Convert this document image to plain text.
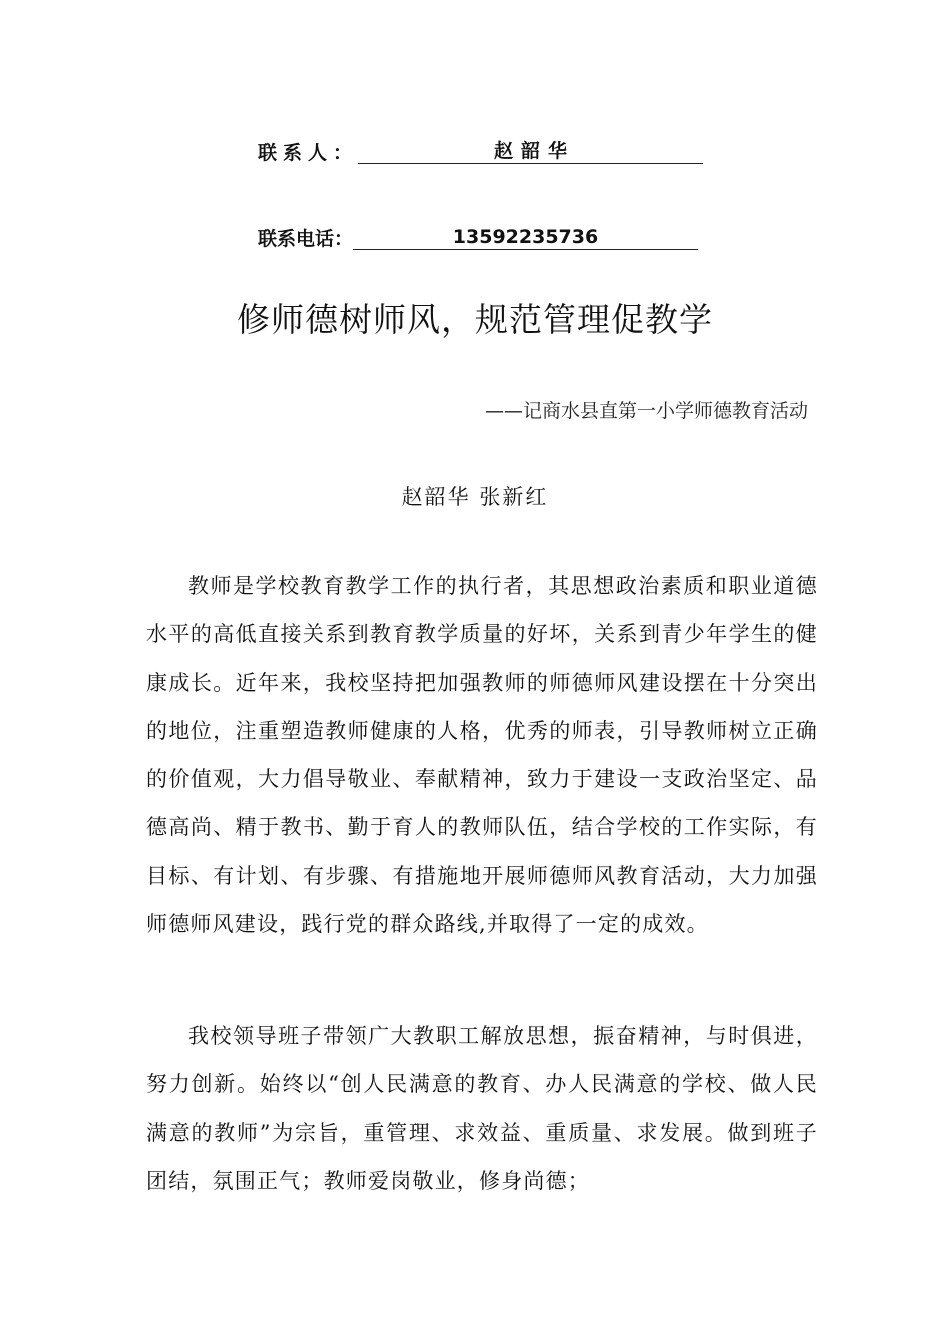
联系人：	赵韶华
联系电话：	13592235736
修师德树师风，规范管理促教学
——记商水县直第一小学师德教育活动
赵韶华 张新红

教师是学校教育教学工作的执行者，其思想政治素质和职业道德水平的高低直接关系到教育教学质量的好坏，关系到青少年学生的健康成长。近年来，我校坚持把加强教师的师德师风建设摆在十分突出的地位，注重塑造教师健康的人格，优秀的师表，引导教师树立正确的价值观，大力倡导敬业、奉献精神，致力于建设一支政治坚定、品德高尚、精于教书、勤于育人的教师队伍，结合学校的工作实际，有目标、有计划、有步骤、有措施地开展师德师风教育活动，大力加强师德师风建设，践行党的群众路线,并取得了一定的成效。

我校领导班子带领广大教职工解放思想，振奋精神，与时俱进，努力创新。始终以“创人民满意的教育、办人民满意的学校、做人民满意的教师”为宗旨，重管理、求效益、重质量、求发展。做到班子团结，氛围正气；教师爱岗敬业，修身尚德；
